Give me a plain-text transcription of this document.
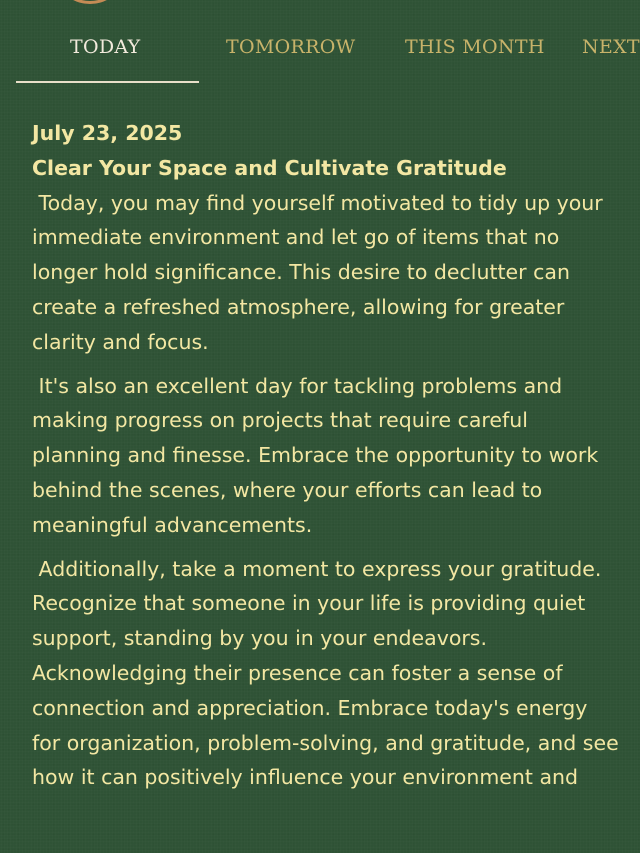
TODAY	TOMORROW	THIS MONTH NEXT

July 23, 2025

Clear Your Space and Cultivate Gratitude

Today, you may find yourself motivated to tidy up your immediate environment and let go of items that no longer hold significance. This desire to declutter can create a refreshed atmosphere, allowing for greater clarity and focus.

It's also an excellent day for tackling problems and making progress on projects that require careful planning and finesse. Embrace the opportunity to work behind the scenes, where your efforts can lead to meaningful advancements.

Additionally, take a moment to express your gratitude. Recognize that someone in your life is providing quiet support, standing by you in your endeavors. Acknowledging their presence can foster a sense of connection and appreciation. Embrace today's energy for organization, problem-solving, and gratitude, and see how it can positively influence your environment and
